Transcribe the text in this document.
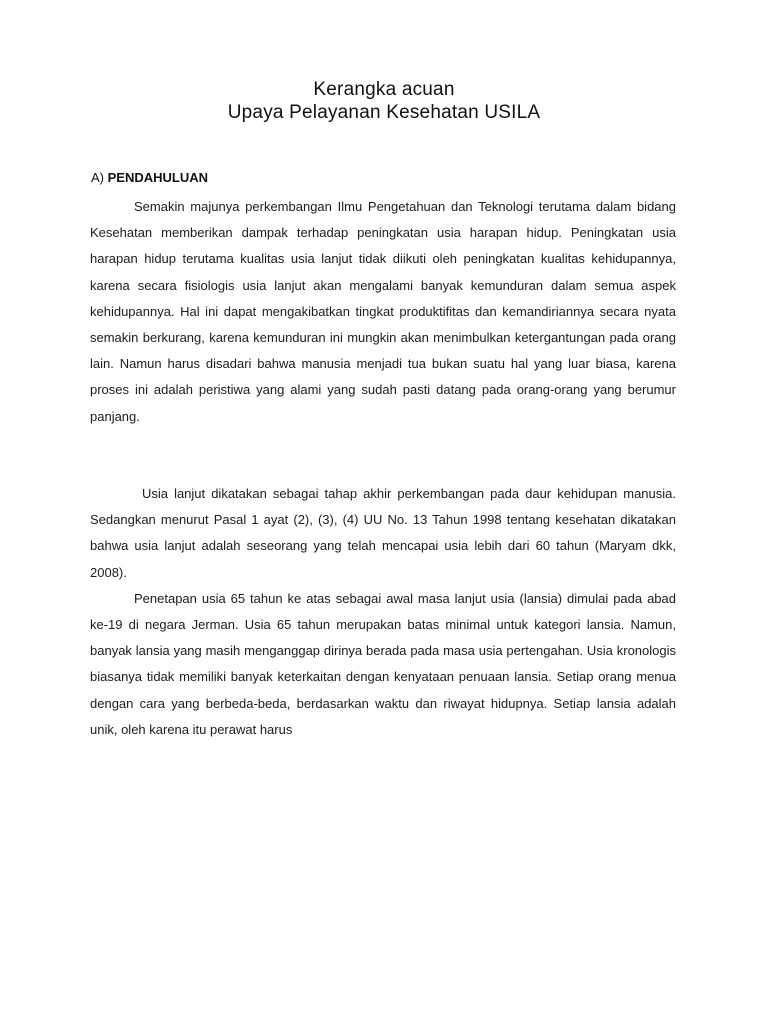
Kerangka acuan
Upaya Pelayanan Kesehatan USILA
A) PENDAHULUAN

Semakin majunya perkembangan Ilmu Pengetahuan dan Teknologi terutama dalam bidang Kesehatan memberikan dampak terhadap peningkatan usia harapan hidup. Peningkatan usia harapan hidup terutama kualitas usia lanjut tidak diikuti oleh peningkatan kualitas kehidupannya, karena secara fisiologis usia lanjut akan mengalami banyak kemunduran dalam semua aspek kehidupannya. Hal ini dapat mengakibatkan tingkat produktifitas dan kemandiriannya secara nyata semakin berkurang, karena kemunduran ini mungkin akan menimbulkan ketergantungan pada orang lain. Namun harus disadari bahwa manusia menjadi tua bukan suatu hal yang luar biasa, karena proses ini adalah peristiwa yang alami yang sudah pasti datang pada orang-orang yang berumur panjang.

Usia lanjut dikatakan sebagai tahap akhir perkembangan pada daur kehidupan manusia. Sedangkan menurut Pasal 1 ayat (2), (3), (4) UU No. 13 Tahun 1998 tentang kesehatan dikatakan bahwa usia lanjut adalah seseorang yang telah mencapai usia lebih dari 60 tahun (Maryam dkk, 2008).

Penetapan usia 65 tahun ke atas sebagai awal masa lanjut usia (lansia) dimulai pada abad ke-19 di negara Jerman. Usia 65 tahun merupakan batas minimal untuk kategori lansia. Namun, banyak lansia yang masih menganggap dirinya berada pada masa usia pertengahan. Usia kronologis biasanya tidak memiliki banyak keterkaitan dengan kenyataan penuaan lansia. Setiap orang menua dengan cara yang berbeda-beda, berdasarkan waktu dan riwayat hidupnya. Setiap lansia adalah unik, oleh karena itu perawat harus
